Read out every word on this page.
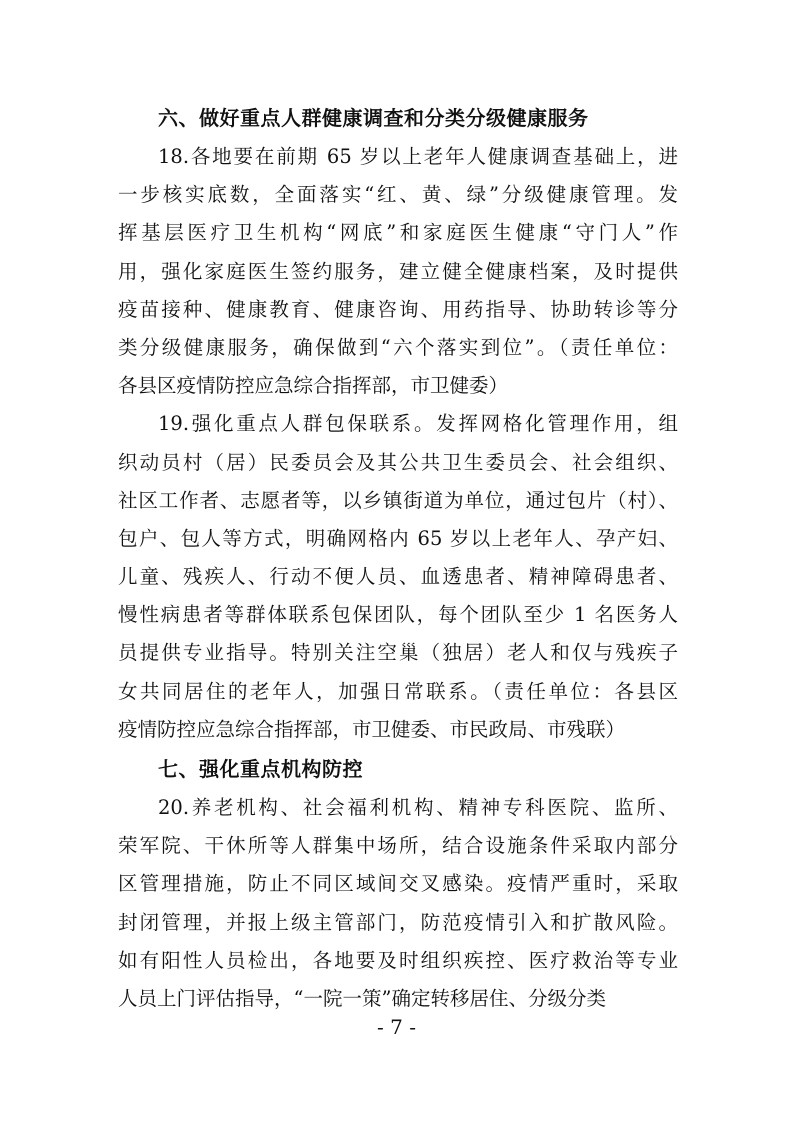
六、做好重点人群健康调查和分类分级健康服务
18.各地要在前期 65 岁以上老年人健康调查基础上，进
一步核实底数，全面落实“红、黄、绿”分级健康管理。发
挥基层医疗卫生机构“网底”和家庭医生健康“守门人”作
用，强化家庭医生签约服务，建立健全健康档案，及时提供
疫苗接种、健康教育、健康咨询、用药指导、协助转诊等分
类分级健康服务，确保做到“六个落实到位”。（责任单位：
各县区疫情防控应急综合指挥部，市卫健委）
19.强化重点人群包保联系。发挥网格化管理作用，组
织动员村（居）民委员会及其公共卫生委员会、社会组织、
社区工作者、志愿者等，以乡镇街道为单位，通过包片（村）、
包户、包人等方式，明确网格内 65 岁以上老年人、孕产妇、
儿童、残疾人、行动不便人员、血透患者、精神障碍患者、
慢性病患者等群体联系包保团队，每个团队至少 1 名医务人
员提供专业指导。特别关注空巢（独居）老人和仅与残疾子
女共同居住的老年人，加强日常联系。（责任单位：各县区
疫情防控应急综合指挥部，市卫健委、市民政局、市残联）
七、强化重点机构防控
20.养老机构、社会福利机构、精神专科医院、监所、
荣军院、干休所等人群集中场所，结合设施条件采取内部分
区管理措施，防止不同区域间交叉感染。疫情严重时，采取
封闭管理，并报上级主管部门，防范疫情引入和扩散风险。
如有阳性人员检出，各地要及时组织疾控、医疗救治等专业
人员上门评估指导，“一院一策”确定转移居住、分级分类
- 7 -
